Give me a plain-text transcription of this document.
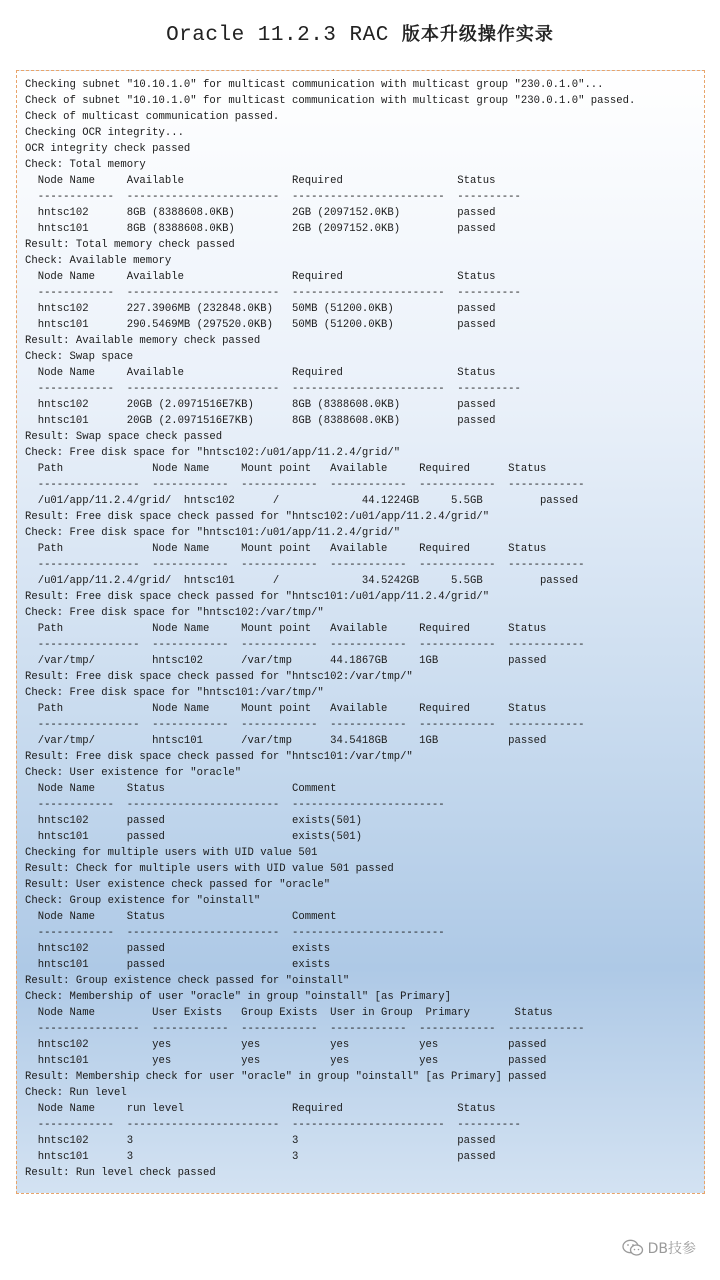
Oracle 11.2.3 RAC 版本升级操作实录
Checking subnet "10.10.1.0" for multicast communication with multicast group "230.0.1.0"...
Check of subnet "10.10.1.0" for multicast communication with multicast group "230.0.1.0" passed.
Check of multicast communication passed.
Checking OCR integrity...
OCR integrity check passed
Check: Total memory
Node Name     Available                 Required                  Status
------------  ------------------------  ------------------------  ----------
hntsc102      8GB (8388608.0KB)         2GB (2097152.0KB)         passed
hntsc101      8GB (8388608.0KB)         2GB (2097152.0KB)         passed
Result: Total memory check passed
Check: Available memory
Node Name     Available                 Required                  Status
------------  ------------------------  ------------------------  ----------
hntsc102      227.3906MB (232848.0KB)   50MB (51200.0KB)          passed
hntsc101      290.5469MB (297520.0KB)   50MB (51200.0KB)          passed
Result: Available memory check passed
Check: Swap space
Node Name     Available                 Required                  Status
------------  ------------------------  ------------------------  ----------
hntsc102      20GB (2.0971516E7KB)      8GB (8388608.0KB)         passed
hntsc101      20GB (2.0971516E7KB)      8GB (8388608.0KB)         passed
Result: Swap space check passed
Check: Free disk space for "hntsc102:/u01/app/11.2.4/grid/"
Path              Node Name     Mount point   Available     Required      Status
----------------  ------------  ------------  ------------  ------------  ------------
/u01/app/11.2.4/grid/  hntsc102      /             44.1224GB     5.5GB         passed
Result: Free disk space check passed for "hntsc102:/u01/app/11.2.4/grid/"
Check: Free disk space for "hntsc101:/u01/app/11.2.4/grid/"
Path              Node Name     Mount point   Available     Required      Status
----------------  ------------  ------------  ------------  ------------  ------------
/u01/app/11.2.4/grid/  hntsc101      /             34.5242GB     5.5GB         passed
Result: Free disk space check passed for "hntsc101:/u01/app/11.2.4/grid/"
Check: Free disk space for "hntsc102:/var/tmp/"
Path              Node Name     Mount point   Available     Required      Status
----------------  ------------  ------------  ------------  ------------  ------------
/var/tmp/         hntsc102      /var/tmp      44.1867GB     1GB           passed
Result: Free disk space check passed for "hntsc102:/var/tmp/"
Check: Free disk space for "hntsc101:/var/tmp/"
Path              Node Name     Mount point   Available     Required      Status
----------------  ------------  ------------  ------------  ------------  ------------
/var/tmp/         hntsc101      /var/tmp      34.5418GB     1GB           passed
Result: Free disk space check passed for "hntsc101:/var/tmp/"
Check: User existence for "oracle"
Node Name     Status                    Comment
------------  ------------------------  ------------------------
hntsc102      passed                    exists(501)
hntsc101      passed                    exists(501)
Checking for multiple users with UID value 501
Result: Check for multiple users with UID value 501 passed
Result: User existence check passed for "oracle"
Check: Group existence for "oinstall"
Node Name     Status                    Comment
------------  ------------------------  ------------------------
hntsc102      passed                    exists
hntsc101      passed                    exists
Result: Group existence check passed for "oinstall"
Check: Membership of user "oracle" in group "oinstall" [as Primary]
Node Name         User Exists   Group Exists  User in Group  Primary       Status
----------------  ------------  ------------  ------------  ------------  ------------
hntsc102          yes           yes           yes           yes           passed
hntsc101          yes           yes           yes           yes           passed
Result: Membership check for user "oracle" in group "oinstall" [as Primary] passed
Check: Run level
Node Name     run level                 Required                  Status
------------  ------------------------  ------------------------  ----------
hntsc102      3                         3                         passed
hntsc101      3                         3                         passed
Result: Run level check passed
DB技参
